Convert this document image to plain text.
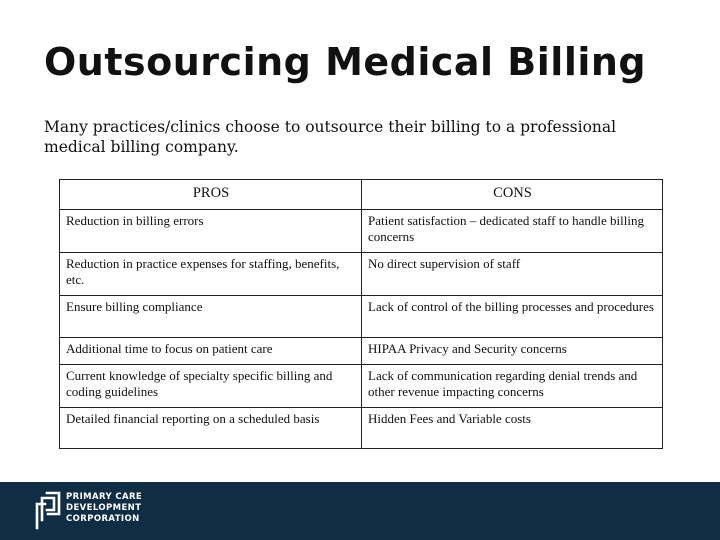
Outsourcing Medical Billing

Many practices/clinics choose to outsource their billing to a professional medical billing company.

PROS	CONS
Reduction in billing errors	Patient satisfaction – dedicated staff to handle billing concerns
Reduction in practice expenses for staffing, benefits, etc.	No direct supervision of staff
Ensure billing compliance	Lack of control of the billing processes and procedures
Additional time to focus on patient care	HIPAA Privacy and Security concerns
Current knowledge of specialty specific billing and coding guidelines	Lack of communication regarding denial trends and other revenue impacting concerns
Detailed financial reporting on a scheduled basis	Hidden Fees and Variable costs
PRIMARY CARE
DEVELOPMENT
CORPORATION
